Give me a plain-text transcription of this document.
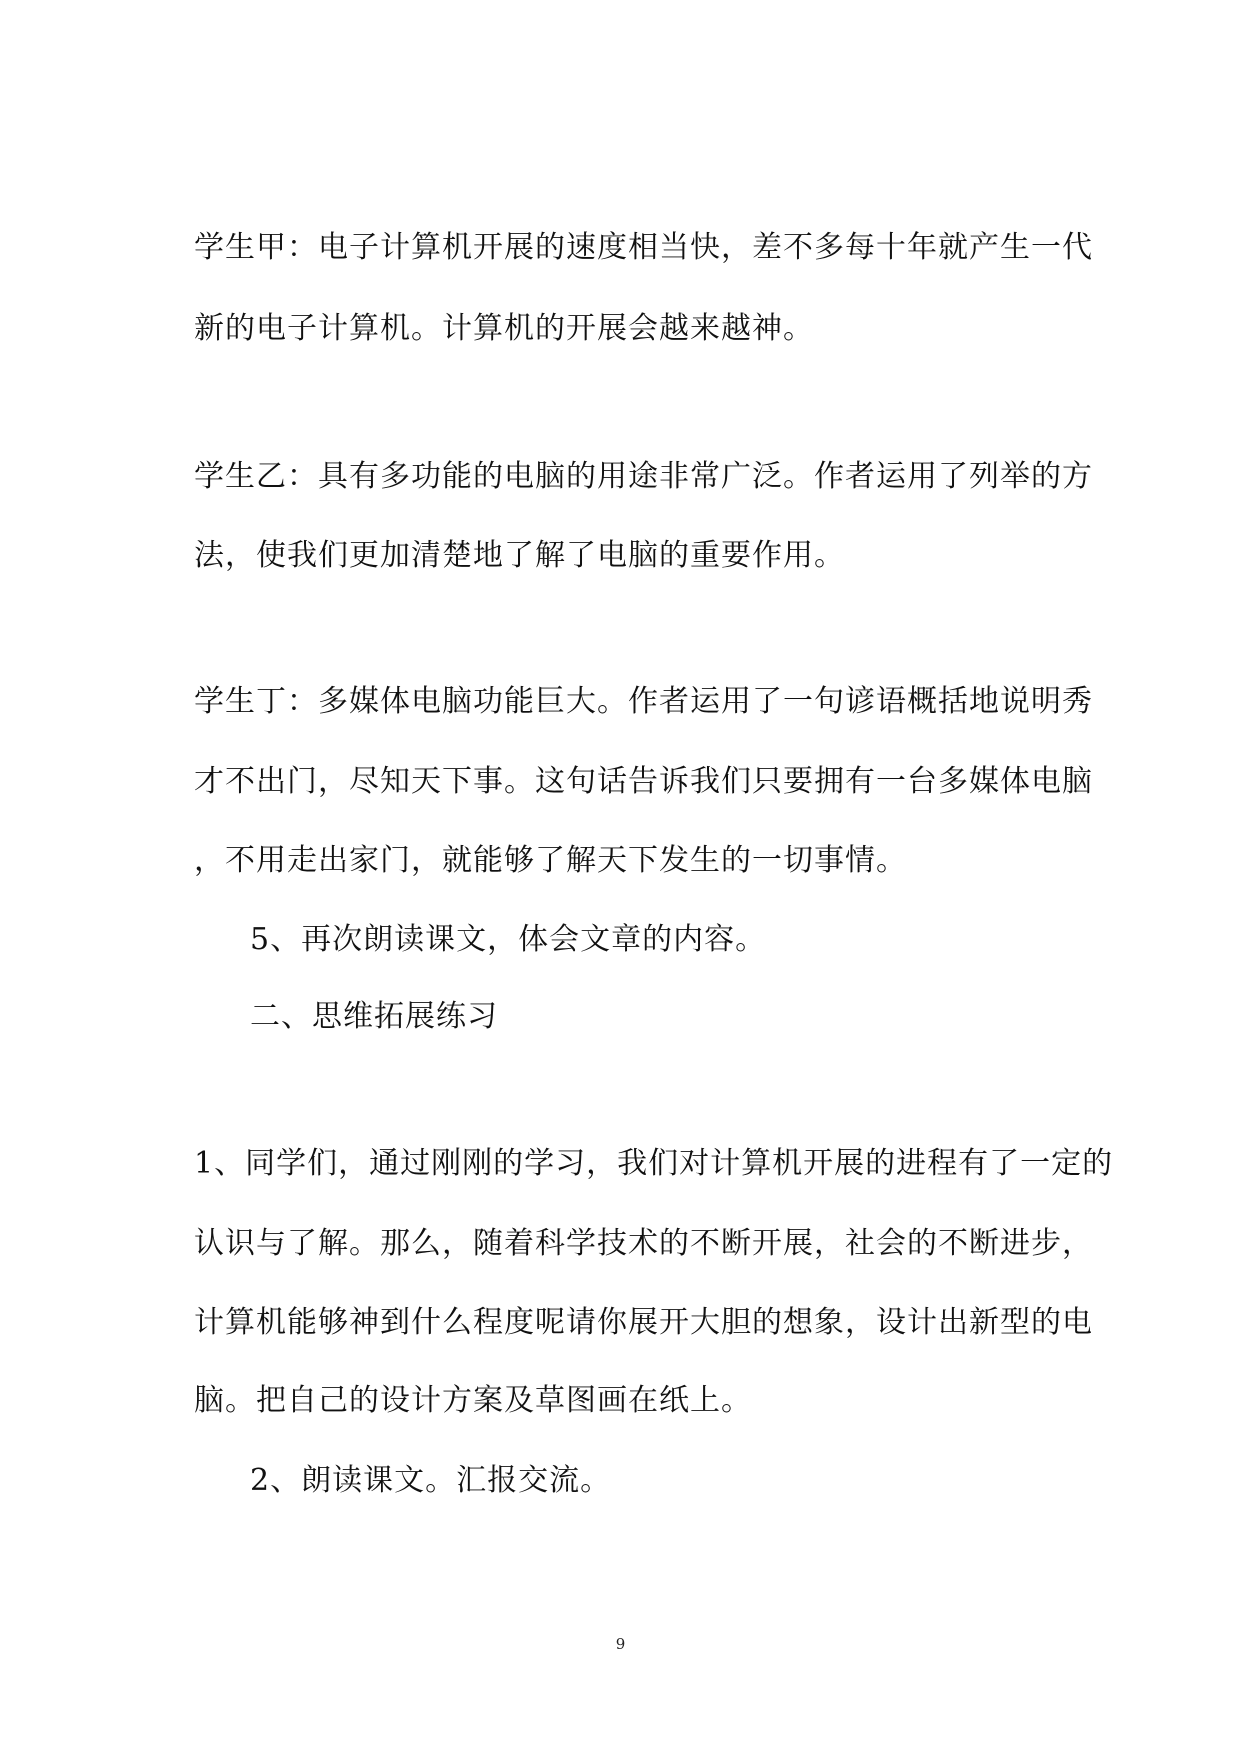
学生甲：电子计算机开展的速度相当快，差不多每十年就产生一代
新的电子计算机。计算机的开展会越来越神。
学生乙：具有多功能的电脑的用途非常广泛。作者运用了列举的方
法，使我们更加清楚地了解了电脑的重要作用。
学生丁：多媒体电脑功能巨大。作者运用了一句谚语概括地说明秀
才不出门，尽知天下事。这句话告诉我们只要拥有一台多媒体电脑
，不用走出家门，就能够了解天下发生的一切事情。
5、再次朗读课文，体会文章的内容。
二、思维拓展练习
1、同学们，通过刚刚的学习，我们对计算机开展的进程有了一定的
认识与了解。那么，随着科学技术的不断开展，社会的不断进步，
计算机能够神到什么程度呢请你展开大胆的想象，设计出新型的电
脑。把自己的设计方案及草图画在纸上。
2、朗读课文。汇报交流。
9
